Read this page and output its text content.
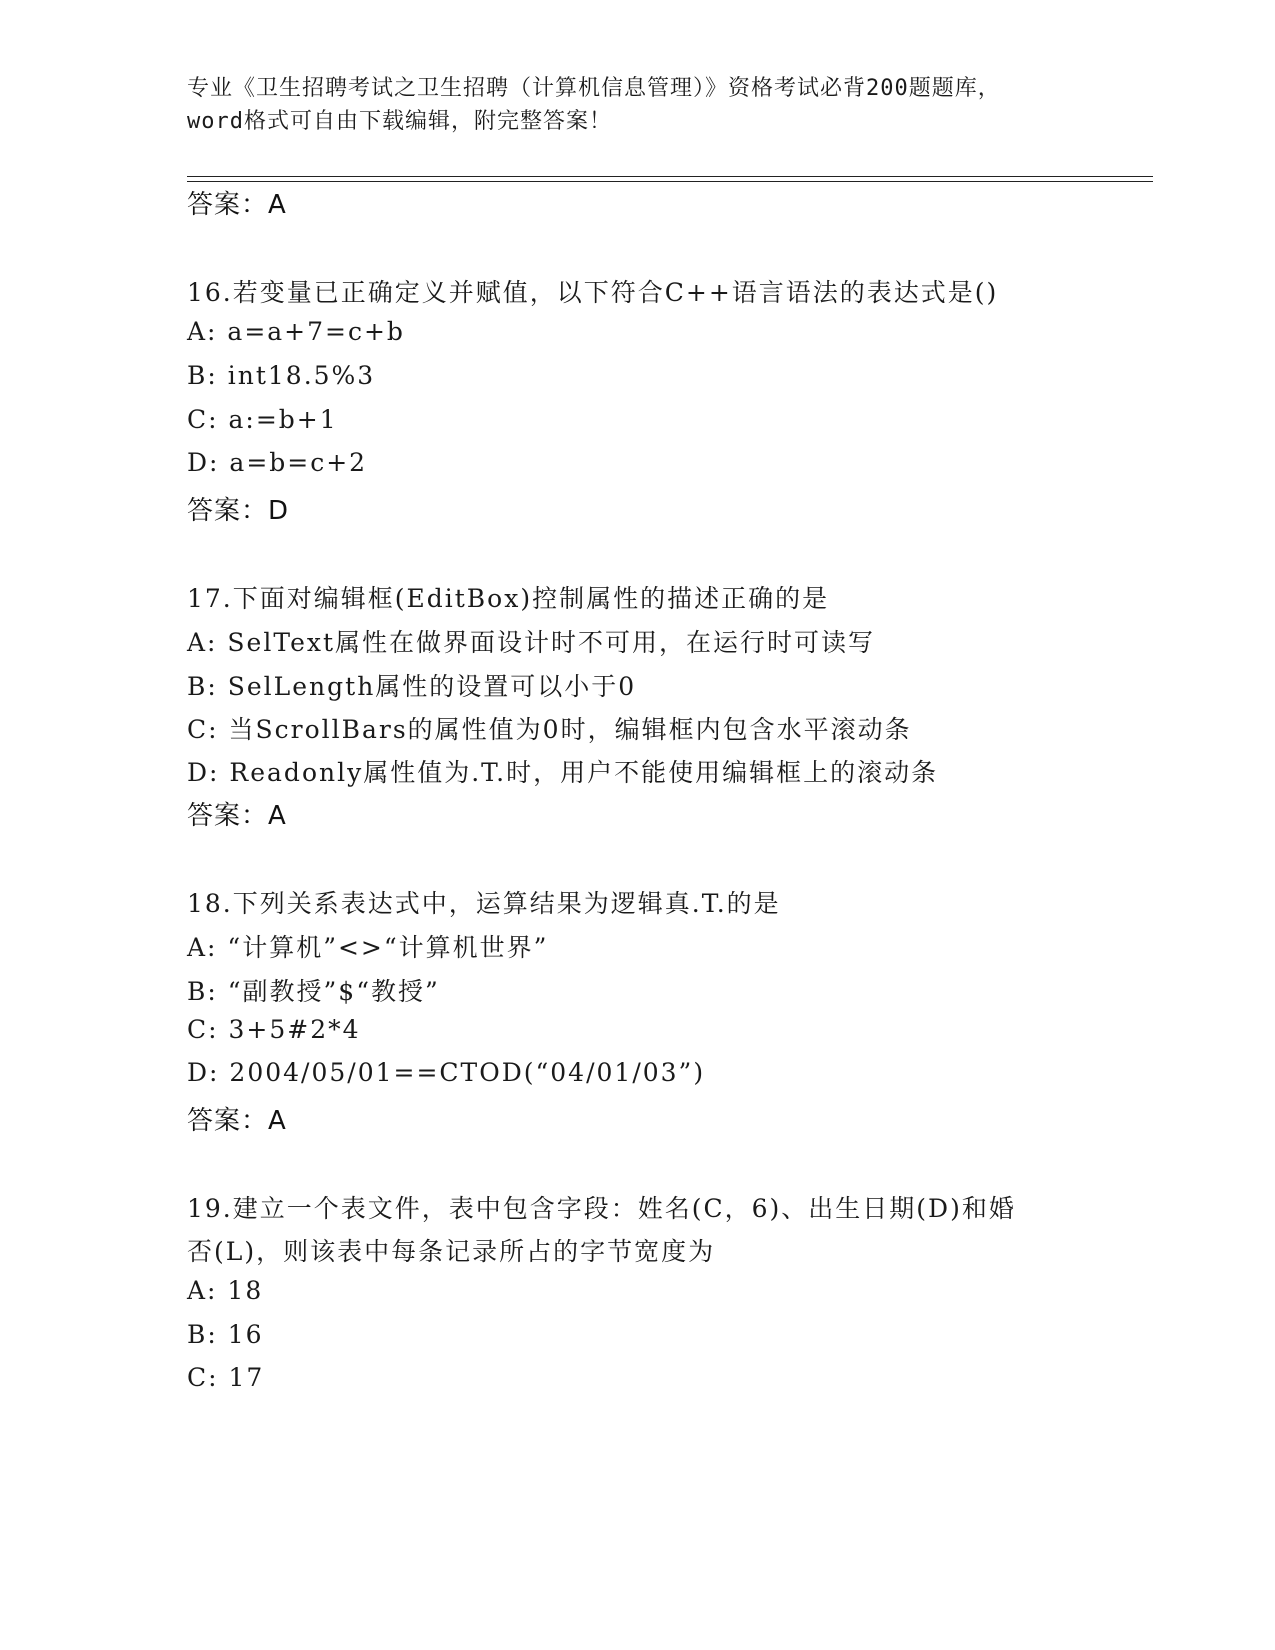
专业《卫生招聘考试之卫生招聘（计算机信息管理）》资格考试必背200题题库，
word格式可自由下载编辑，附完整答案！
答案：A
16.若变量已正确定义并赋值，以下符合C++语言语法的表达式是()
A: a=a+7=c+b
B: int18.5%3
C: a:=b+1
D: a=b=c+2
答案：D
17.下面对编辑框(EditBox)控制属性的描述正确的是
A: SelText属性在做界面设计时不可用，在运行时可读写
B: SelLength属性的设置可以小于0
C: 当ScrollBars的属性值为0时，编辑框内包含水平滚动条
D: Readonly属性值为.T.时，用户不能使用编辑框上的滚动条
答案：A
18.下列关系表达式中，运算结果为逻辑真.T.的是
A: “计算机”<>“计算机世界”
B: “副教授”$“教授”
C: 3+5#2*4
D: 2004/05/01==CTOD(“04/01/03”)
答案：A
19.建立一个表文件，表中包含字段：姓名(C，6)、出生日期(D)和婚
否(L)，则该表中每条记录所占的字节宽度为
A: 18
B: 16
C: 17
